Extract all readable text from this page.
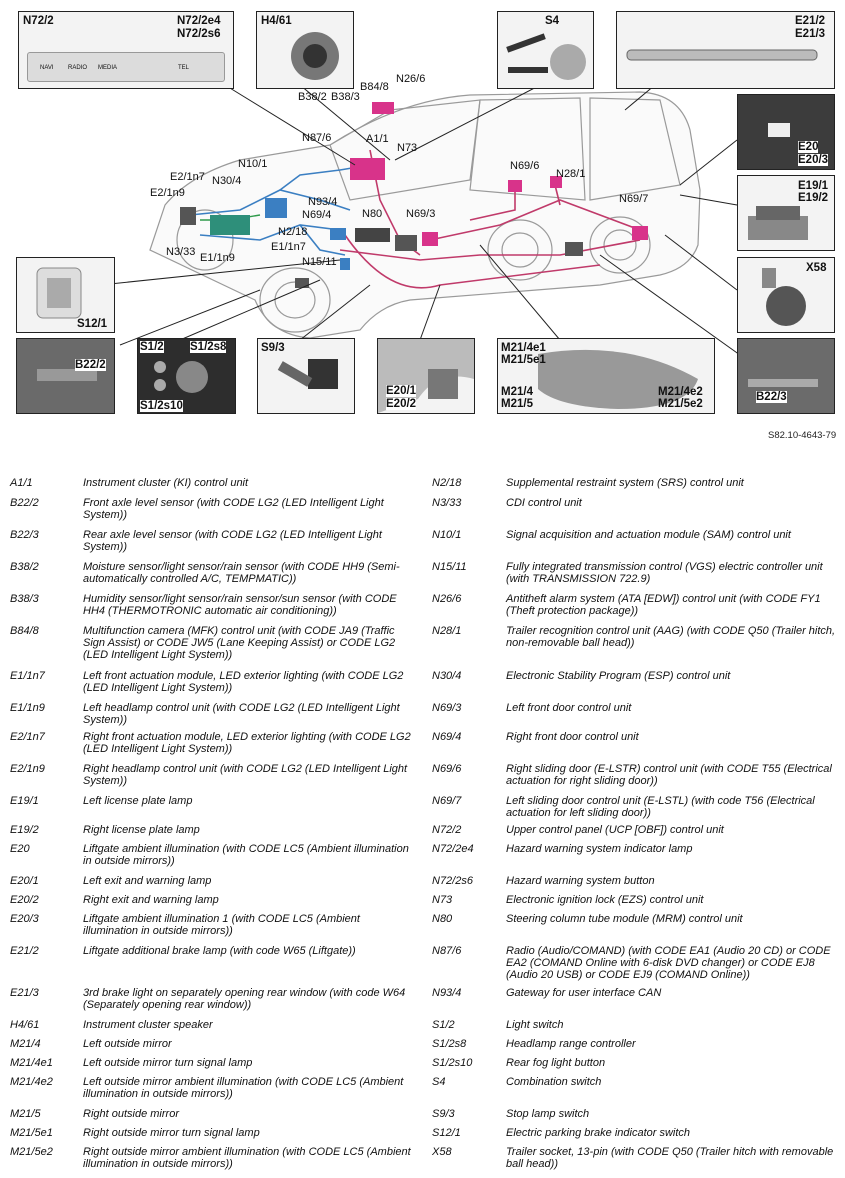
B38/2 B38/3
B84/8
N26/6
N87/6	A1/1
N73
N10/1
N30/4
E2/1n7
E2/1n9
N93/4
N69/4
N2/18
N69/3
N80
N3/33	E1/1n7
E1/1n9	N15/11
N69/6
N28/1
N69/7
N72/2	N72/2e4
N72/2s6
NAVI RADIO MEDIA	TEL
H4/61	S4	E21/2
E21/3
E20
E20/3
E19/1
E19/2
X58
S12/1
B22/2
S1/2 S1/2s8
S1/2s10
S9/3
E20/1
E20/2
M21/4e1
M21/5e1
M21/4
M21/5
M21/4e2
M21/5e2
B22/3
S82.10-4643-79
A1/1	Instrument cluster (KI) control unit
B22/2	Front axle level sensor (with CODE LG2 (LED Intelligent Light System))
B22/3	Rear axle level sensor (with CODE LG2 (LED Intelligent Light System))
B38/2	Moisture sensor/light sensor/rain sensor (with CODE HH9 (Semi-automatically controlled A/C, TEMPMATIC))
B38/3	Humidity sensor/light sensor/rain sensor/sun sensor (with CODE HH4 (THERMOTRONIC automatic air conditioning))
B84/8	Multifunction camera (MFK) control unit (with CODE JA9 (Traffic Sign Assist) or CODE JW5 (Lane Keeping Assist) or CODE LG2 (LED Intelligent Light System))
E1/1n7	Left front actuation module, LED exterior lighting (with CODE LG2 (LED Intelligent Light System))
E1/1n9	Left headlamp control unit (with CODE LG2 (LED Intelligent Light System))
E2/1n7	Right front actuation module, LED exterior lighting (with CODE LG2 (LED Intelligent Light System))
E2/1n9	Right headlamp control unit (with CODE LG2 (LED Intelligent Light System))
E19/1	Left license plate lamp
E19/2	Right license plate lamp
E20	Liftgate ambient illumination (with CODE LC5 (Ambient illumination in outside mirrors))
E20/1	Left exit and warning lamp
E20/2	Right exit and warning lamp
E20/3	Liftgate ambient illumination 1 (with CODE LC5 (Ambient illumination in outside mirrors))
E21/2	Liftgate additional brake lamp (with code W65 (Liftgate))
E21/3	3rd brake light on separately opening rear window (with code W64 (Separately opening rear window))
H4/61	Instrument cluster speaker
M21/4	Left outside mirror
M21/4e1	Left outside mirror turn signal lamp
M21/4e2	Left outside mirror ambient illumination (with CODE LC5 (Ambient illumination in outside mirrors))
M21/5	Right outside mirror
M21/5e1	Right outside mirror turn signal lamp
M21/5e2	Right outside mirror ambient illumination (with CODE LC5 (Ambient illumination in outside mirrors))
N2/18	Supplemental restraint system (SRS) control unit
N3/33	CDI control unit
N10/1	Signal acquisition and actuation module (SAM) control unit
N15/11	Fully integrated transmission control (VGS) electric controller unit (with TRANSMISSION 722.9)
N26/6	Antitheft alarm system (ATA [EDW]) control unit (with CODE FY1 (Theft protection package))
N28/1	Trailer recognition control unit (AAG) (with CODE Q50 (Trailer hitch, non-removable ball head))
N30/4	Electronic Stability Program (ESP) control unit
N69/3	Left front door control unit
N69/4	Right front door control unit
N69/6	Right sliding door (E-LSTR) control unit (with CODE T55 (Electrical actuation for right sliding door))
N69/7	Left sliding door control unit (E-LSTL) (with code T56 (Electrical actuation for left sliding door))
N72/2	Upper control panel (UCP [OBF]) control unit
N72/2e4	Hazard warning system indicator lamp
N72/2s6	Hazard warning system button
N73	Electronic ignition lock (EZS) control unit
N80	Steering column tube module (MRM) control unit
N87/6	Radio (Audio/COMAND) (with CODE EA1 (Audio 20 CD) or CODE EA2 (COMAND Online with 6-disk DVD changer) or CODE EJ8 (Audio 20 USB) or CODE EJ9 (COMAND Online))
N93/4	Gateway for user interface CAN
S1/2	Light switch
S1/2s8	Headlamp range controller
S1/2s10	Rear fog light button
S4	Combination switch
S9/3	Stop lamp switch
S12/1	Electric parking brake indicator switch
X58	Trailer socket, 13-pin (with CODE Q50 (Trailer hitch with removable ball head))
